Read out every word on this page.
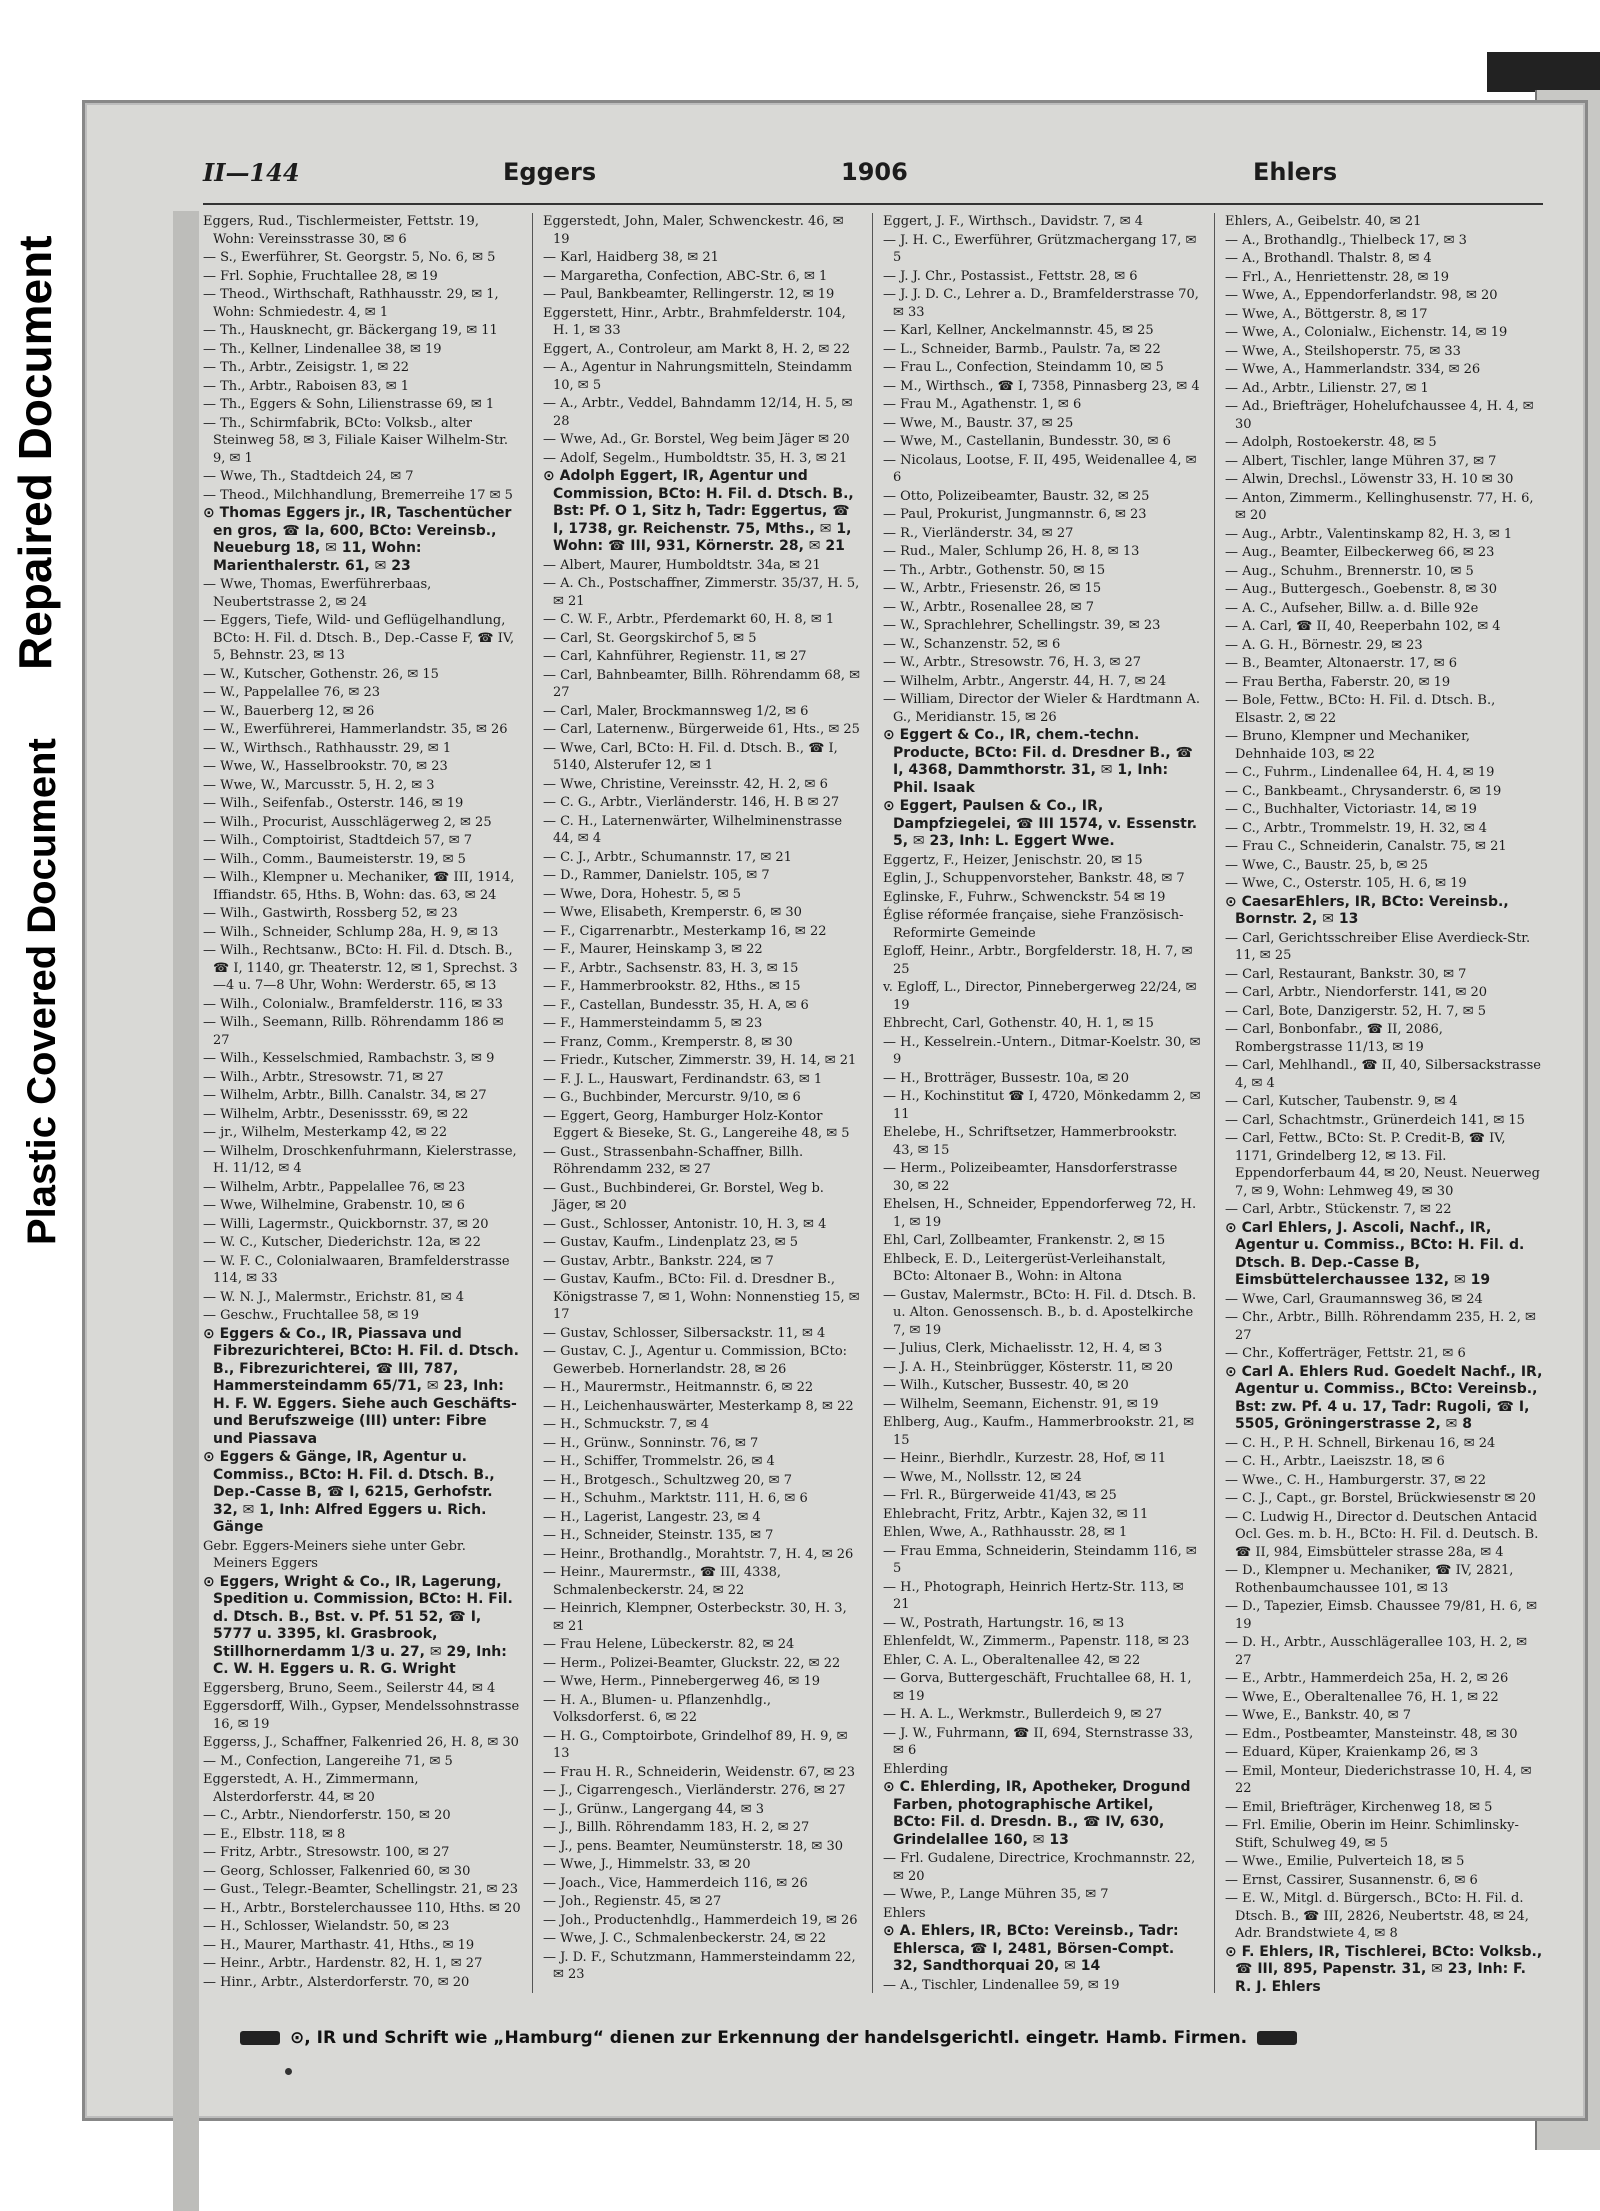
Repaired Document
Plastic Covered Document
II—144	Eggers	1906	Ehlers
Eggers, Rud., Tischlermeister, Fettstr. 19, Wohn: Vereinsstrasse 30, ✉ 6
— S., Ewerführer, St. Georgstr. 5, No. 6, ✉ 5
— Frl. Sophie, Fruchtallee 28, ✉ 19
— Theod., Wirthschaft, Rathhausstr. 29, ✉ 1, Wohn: Schmiedestr. 4, ✉ 1
— Th., Hausknecht, gr. Bäckergang 19, ✉ 11
— Th., Kellner, Lindenallee 38, ✉ 19
— Th., Arbtr., Zeisigstr. 1, ✉ 22
— Th., Arbtr., Raboisen 83, ✉ 1
— Th., Eggers & Sohn, Lilienstrasse 69, ✉ 1
— Th., Schirmfabrik, BCto: Volksb., alter Steinweg 58, ✉ 3, Filiale Kaiser Wilhelm-Str. 9, ✉ 1
— Wwe, Th., Stadtdeich 24, ✉ 7
— Theod., Milchhandlung, Bremerreihe 17 ✉ 5
⊙ Thomas Eggers jr., IR, Taschentücher en gros, ☎ Ia, 600, BCto: Vereinsb., Neueburg 18, ✉ 11, Wohn: Marienthalerstr. 61, ✉ 23
— Wwe, Thomas, Ewerführerbaas, Neubertstrasse 2, ✉ 24
— Eggers, Tiefe, Wild- und Geflügelhandlung, BCto: H. Fil. d. Dtsch. B., Dep.-Casse F, ☎ IV, 5, Behnstr. 23, ✉ 13
— W., Kutscher, Gothenstr. 26, ✉ 15
— W., Pappelallee 76, ✉ 23
— W., Bauerberg 12, ✉ 26
— W., Ewerführerei, Hammerlandstr. 35, ✉ 26
— W., Wirthsch., Rathhausstr. 29, ✉ 1
— Wwe, W., Hasselbrookstr. 70, ✉ 23
— Wwe, W., Marcusstr. 5, H. 2, ✉ 3
— Wilh., Seifenfab., Osterstr. 146, ✉ 19
— Wilh., Procurist, Ausschlägerweg 2, ✉ 25
— Wilh., Comptoirist, Stadtdeich 57, ✉ 7
— Wilh., Comm., Baumeisterstr. 19, ✉ 5
— Wilh., Klempner u. Mechaniker, ☎ III, 1914, Iffiandstr. 65, Hths. B, Wohn: das. 63, ✉ 24
— Wilh., Gastwirth, Rossberg 52, ✉ 23
— Wilh., Schneider, Schlump 28a, H. 9, ✉ 13
— Wilh., Rechtsanw., BCto: H. Fil. d. Dtsch. B., ☎ I, 1140, gr. Theaterstr. 12, ✉ 1, Sprechst. 3—4 u. 7—8 Uhr, Wohn: Werderstr. 65, ✉ 13
— Wilh., Colonialw., Bramfelderstr. 116, ✉ 33
— Wilh., Seemann, Rillb. Röhrendamm 186 ✉ 27
— Wilh., Kesselschmied, Rambachstr. 3, ✉ 9
— Wilh., Arbtr., Stresowstr. 71, ✉ 27
— Wilhelm, Arbtr., Billh. Canalstr. 34, ✉ 27
— Wilhelm, Arbtr., Desenissstr. 69, ✉ 22
— jr., Wilhelm, Mesterkamp 42, ✉ 22
— Wilhelm, Droschkenfuhrmann, Kielerstrasse, H. 11/12, ✉ 4
— Wilhelm, Arbtr., Pappelallee 76, ✉ 23
— Wwe, Wilhelmine, Grabenstr. 10, ✉ 6
— Willi, Lagermstr., Quickbornstr. 37, ✉ 20
— W. C., Kutscher, Diederichstr. 12a, ✉ 22
— W. F. C., Colonialwaaren, Bramfelderstrasse 114, ✉ 33
— W. N. J., Malermstr., Erichstr. 81, ✉ 4
— Geschw., Fruchtallee 58, ✉ 19
⊙ Eggers & Co., IR, Piassava und Fibrezurichterei, BCto: H. Fil. d. Dtsch. B., Fibrezurichterei, ☎ III, 787, Hammersteindamm 65/71, ✉ 23, Inh: H. F. W. Eggers. Siehe auch Geschäfts- und Berufszweige (III) unter: Fibre und Piassava
⊙ Eggers & Gänge, IR, Agentur u. Commiss., BCto: H. Fil. d. Dtsch. B., Dep.-Casse B, ☎ I, 6215, Gerhofstr. 32, ✉ 1, Inh: Alfred Eggers u. Rich. Gänge
Gebr. Eggers-Meiners siehe unter Gebr. Meiners Eggers
⊙ Eggers, Wright & Co., IR, Lagerung, Spedition u. Commission, BCto: H. Fil. d. Dtsch. B., Bst. v. Pf. 51 52, ☎ I, 5777 u. 3395, kl. Grasbrook, Stillhornerdamm 1/3 u. 27, ✉ 29, Inh: C. W. H. Eggers u. R. G. Wright
Eggersberg, Bruno, Seem., Seilerstr 44, ✉ 4
Eggersdorff, Wilh., Gypser, Mendelssohnstrasse 16, ✉ 19
Eggerss, J., Schaffner, Falkenried 26, H. 8, ✉ 30
— M., Confection, Langereihe 71, ✉ 5
Eggerstedt, A. H., Zimmermann, Alsterdorferstr. 44, ✉ 20
— C., Arbtr., Niendorferstr. 150, ✉ 20
— E., Elbstr. 118, ✉ 8
— Fritz, Arbtr., Stresowstr. 100, ✉ 27
— Georg, Schlosser, Falkenried 60, ✉ 30
— Gust., Telegr.-Beamter, Schellingstr. 21, ✉ 23
— H., Arbtr., Borstelerchaussee 110, Hths. ✉ 20
— H., Schlosser, Wielandstr. 50, ✉ 23
— H., Maurer, Marthastr. 41, Hths., ✉ 19
— Heinr., Arbtr., Hardenstr. 82, H. 1, ✉ 27
— Hinr., Arbtr., Alsterdorferstr. 70, ✉ 20
Eggerstedt, John, Maler, Schwenckestr. 46, ✉ 19
— Karl, Haidberg 38, ✉ 21
— Margaretha, Confection, ABC-Str. 6, ✉ 1
— Paul, Bankbeamter, Rellingerstr. 12, ✉ 19
Eggerstett, Hinr., Arbtr., Brahmfelderstr. 104, H. 1, ✉ 33
Eggert, A., Controleur, am Markt 8, H. 2, ✉ 22
— A., Agentur in Nahrungsmitteln, Steindamm 10, ✉ 5
— A., Arbtr., Veddel, Bahndamm 12/14, H. 5, ✉ 28
— Wwe, Ad., Gr. Borstel, Weg beim Jäger ✉ 20
— Adolf, Segelm., Humboldtstr. 35, H. 3, ✉ 21
⊙ Adolph Eggert, IR, Agentur und Commission, BCto: H. Fil. d. Dtsch. B., Bst: Pf. O 1, Sitz h, Tadr: Eggertus, ☎ I, 1738, gr. Reichenstr. 75, Mths., ✉ 1, Wohn: ☎ III, 931, Körnerstr. 28, ✉ 21
— Albert, Maurer, Humboldtstr. 34a, ✉ 21
— A. Ch., Postschaffner, Zimmerstr. 35/37, H. 5, ✉ 21
— C. W. F., Arbtr., Pferdemarkt 60, H. 8, ✉ 1
— Carl, St. Georgskirchof 5, ✉ 5
— Carl, Kahnführer, Regienstr. 11, ✉ 27
— Carl, Bahnbeamter, Billh. Röhrendamm 68, ✉ 27
— Carl, Maler, Brockmannsweg 1/2, ✉ 6
— Carl, Laternenw., Bürgerweide 61, Hts., ✉ 25
— Wwe, Carl, BCto: H. Fil. d. Dtsch. B., ☎ I, 5140, Alsterufer 12, ✉ 1
— Wwe, Christine, Vereinsstr. 42, H. 2, ✉ 6
— C. G., Arbtr., Vierländerstr. 146, H. B ✉ 27
— C. H., Laternenwärter, Wilhelminenstrasse 44, ✉ 4
— C. J., Arbtr., Schumannstr. 17, ✉ 21
— D., Rammer, Danielstr. 105, ✉ 7
— Wwe, Dora, Hohestr. 5, ✉ 5
— Wwe, Elisabeth, Kremperstr. 6, ✉ 30
— F., Cigarrenarbtr., Mesterkamp 16, ✉ 22
— F., Maurer, Heinskamp 3, ✉ 22
— F., Arbtr., Sachsenstr. 83, H. 3, ✉ 15
— F., Hammerbrookstr. 82, Hths., ✉ 15
— F., Castellan, Bundesstr. 35, H. A, ✉ 6
— F., Hammersteindamm 5, ✉ 23
— Franz, Comm., Kremperstr. 8, ✉ 30
— Friedr., Kutscher, Zimmerstr. 39, H. 14, ✉ 21
— F. J. L., Hauswart, Ferdinandstr. 63, ✉ 1
— G., Buchbinder, Mercurstr. 9/10, ✉ 6
— Eggert, Georg, Hamburger Holz-Kontor Eggert & Bieseke, St. G., Langereihe 48, ✉ 5
— Gust., Strassenbahn-Schaffner, Billh. Röhrendamm 232, ✉ 27
— Gust., Buchbinderei, Gr. Borstel, Weg b. Jäger, ✉ 20
— Gust., Schlosser, Antonistr. 10, H. 3, ✉ 4
— Gustav, Kaufm., Lindenplatz 23, ✉ 5
— Gustav, Arbtr., Bankstr. 224, ✉ 7
— Gustav, Kaufm., BCto: Fil. d. Dresdner B., Königstrasse 7, ✉ 1, Wohn: Nonnenstieg 15, ✉ 17
— Gustav, Schlosser, Silbersackstr. 11, ✉ 4
— Gustav, C. J., Agentur u. Commission, BCto: Gewerbeb. Hornerlandstr. 28, ✉ 26
— H., Maurermstr., Heitmannstr. 6, ✉ 22
— H., Leichenhauswärter, Mesterkamp 8, ✉ 22
— H., Schmuckstr. 7, ✉ 4
— H., Grünw., Sonninstr. 76, ✉ 7
— H., Schiffer, Trommelstr. 26, ✉ 4
— H., Brotgesch., Schultzweg 20, ✉ 7
— H., Schuhm., Marktstr. 111, H. 6, ✉ 6
— H., Lagerist, Langestr. 23, ✉ 4
— H., Schneider, Steinstr. 135, ✉ 7
— Heinr., Brothandlg., Morahtstr. 7, H. 4, ✉ 26
— Heinr., Maurermstr., ☎ III, 4338, Schmalenbeckerstr. 24, ✉ 22
— Heinrich, Klempner, Osterbeckstr. 30, H. 3, ✉ 21
— Frau Helene, Lübeckerstr. 82, ✉ 24
— Herm., Polizei-Beamter, Gluckstr. 22, ✉ 22
— Wwe, Herm., Pinnebergerweg 46, ✉ 19
— H. A., Blumen- u. Pflanzenhdlg., Volksdorferst. 6, ✉ 22
— H. G., Comptoirbote, Grindelhof 89, H. 9, ✉ 13
— Frau H. R., Schneiderin, Weidenstr. 67, ✉ 23
— J., Cigarrengesch., Vierländerstr. 276, ✉ 27
— J., Grünw., Langergang 44, ✉ 3
— J., Billh. Röhrendamm 183, H. 2, ✉ 27
— J., pens. Beamter, Neumünsterstr. 18, ✉ 30
— Wwe, J., Himmelstr. 33, ✉ 20
— Joach., Vice, Hammerdeich 116, ✉ 26
— Joh., Regienstr. 45, ✉ 27
— Joh., Productenhdlg., Hammerdeich 19, ✉ 26
— Wwe, J. C., Schmalenbeckerstr. 24, ✉ 22
— J. D. F., Schutzmann, Hammersteindamm 22, ✉ 23
Eggert, J. F., Wirthsch., Davidstr. 7, ✉ 4
— J. H. C., Ewerführer, Grützmachergang 17, ✉ 5
— J. J. Chr., Postassist., Fettstr. 28, ✉ 6
— J. J. D. C., Lehrer a. D., Bramfelderstrasse 70, ✉ 33
— Karl, Kellner, Anckelmannstr. 45, ✉ 25
— L., Schneider, Barmb., Paulstr. 7a, ✉ 22
— Frau L., Confection, Steindamm 10, ✉ 5
— M., Wirthsch., ☎ I, 7358, Pinnasberg 23, ✉ 4
— Frau M., Agathenstr. 1, ✉ 6
— Wwe, M., Baustr. 37, ✉ 25
— Wwe, M., Castellanin, Bundesstr. 30, ✉ 6
— Nicolaus, Lootse, F. II, 495, Weidenallee 4, ✉ 6
— Otto, Polizeibeamter, Baustr. 32, ✉ 25
— Paul, Prokurist, Jungmannstr. 6, ✉ 23
— R., Vierländerstr. 34, ✉ 27
— Rud., Maler, Schlump 26, H. 8, ✉ 13
— Th., Arbtr., Gothenstr. 50, ✉ 15
— W., Arbtr., Friesenstr. 26, ✉ 15
— W., Arbtr., Rosenallee 28, ✉ 7
— W., Sprachlehrer, Schellingstr. 39, ✉ 23
— W., Schanzenstr. 52, ✉ 6
— W., Arbtr., Stresowstr. 76, H. 3, ✉ 27
— Wilhelm, Arbtr., Angerstr. 44, H. 7, ✉ 24
— William, Director der Wieler & Hardtmann A. G., Meridianstr. 15, ✉ 26
⊙ Eggert & Co., IR, chem.-techn. Producte, BCto: Fil. d. Dresdner B., ☎ I, 4368, Dammthorstr. 31, ✉ 1, Inh: Phil. Isaak
⊙ Eggert, Paulsen & Co., IR, Dampfziegelei, ☎ III 1574, v. Essenstr. 5, ✉ 23, Inh: L. Eggert Wwe.
Eggertz, F., Heizer, Jenischstr. 20, ✉ 15
Eglin, J., Schuppenvorsteher, Bankstr. 48, ✉ 7
Eglinske, F., Fuhrw., Schwenckstr. 54 ✉ 19
Église réformée française, siehe Französisch-Reformirte Gemeinde
Egloff, Heinr., Arbtr., Borgfelderstr. 18, H. 7, ✉ 25
v. Egloff, L., Director, Pinnebergerweg 22/24, ✉ 19
Ehbrecht, Carl, Gothenstr. 40, H. 1, ✉ 15
— H., Kesselrein.-Untern., Ditmar-Koelstr. 30, ✉ 9
— H., Brotträger, Bussestr. 10a, ✉ 20
— H., Kochinstitut ☎ I, 4720, Mönkedamm 2, ✉ 11
Ehelebe, H., Schriftsetzer, Hammerbrookstr. 43, ✉ 15
— Herm., Polizeibeamter, Hansdorferstrasse 30, ✉ 22
Ehelsen, H., Schneider, Eppendorferweg 72, H. 1, ✉ 19
Ehl, Carl, Zollbeamter, Frankenstr. 2, ✉ 15
Ehlbeck, E. D., Leitergerüst-Verleihanstalt, BCto: Altonaer B., Wohn: in Altona
— Gustav, Malermstr., BCto: H. Fil. d. Dtsch. B. u. Alton. Genossensch. B., b. d. Apostelkirche 7, ✉ 19
— Julius, Clerk, Michaelisstr. 12, H. 4, ✉ 3
— J. A. H., Steinbrügger, Kösterstr. 11, ✉ 20
— Wilh., Kutscher, Bussestr. 40, ✉ 20
— Wilhelm, Seemann, Eichenstr. 91, ✉ 19
Ehlberg, Aug., Kaufm., Hammerbrookstr. 21, ✉ 15
— Heinr., Bierhdlr., Kurzestr. 28, Hof, ✉ 11
— Wwe, M., Nollsstr. 12, ✉ 24
— Frl. R., Bürgerweide 41/43, ✉ 25
Ehlebracht, Fritz, Arbtr., Kajen 32, ✉ 11
Ehlen, Wwe, A., Rathhausstr. 28, ✉ 1
— Frau Emma, Schneiderin, Steindamm 116, ✉ 5
— H., Photograph, Heinrich Hertz-Str. 113, ✉ 21
— W., Postrath, Hartungstr. 16, ✉ 13
Ehlenfeldt, W., Zimmerm., Papenstr. 118, ✉ 23
Ehler, C. A. L., Oberaltenallee 42, ✉ 22
— Gorva, Buttergeschäft, Fruchtallee 68, H. 1, ✉ 19
— H. A. L., Werkmstr., Bullerdeich 9, ✉ 27
— J. W., Fuhrmann, ☎ II, 694, Sternstrasse 33, ✉ 6
Ehlerding
⊙ C. Ehlerding, IR, Apotheker, Drogund Farben, photographische Artikel, BCto: Fil. d. Dresdn. B., ☎ IV, 630, Grindelallee 160, ✉ 13
— Frl. Gudalene, Directrice, Krochmannstr. 22, ✉ 20
— Wwe, P., Lange Mühren 35, ✉ 7
Ehlers
⊙ A. Ehlers, IR, BCto: Vereinsb., Tadr: Ehlersca, ☎ I, 2481, Börsen-Compt. 32, Sandthorquai 20, ✉ 14
— A., Tischler, Lindenallee 59, ✉ 19
Ehlers, A., Geibelstr. 40, ✉ 21
— A., Brothandlg., Thielbeck 17, ✉ 3
— A., Brothandl. Thalstr. 8, ✉ 4
— Frl., A., Henriettenstr. 28, ✉ 19
— Wwe, A., Eppendorferlandstr. 98, ✉ 20
— Wwe, A., Böttgerstr. 8, ✉ 17
— Wwe, A., Colonialw., Eichenstr. 14, ✉ 19
— Wwe, A., Steilshoperstr. 75, ✉ 33
— Wwe, A., Hammerlandstr. 334, ✉ 26
— Ad., Arbtr., Lilienstr. 27, ✉ 1
— Ad., Briefträger, Hohelufchaussee 4, H. 4, ✉ 30
— Adolph, Rostoekerstr. 48, ✉ 5
— Albert, Tischler, lange Mühren 37, ✉ 7
— Alwin, Drechsl., Löwenstr 33, H. 10 ✉ 30
— Anton, Zimmerm., Kellinghusenstr. 77, H. 6, ✉ 20
— Aug., Arbtr., Valentinskamp 82, H. 3, ✉ 1
— Aug., Beamter, Eilbeckerweg 66, ✉ 23
— Aug., Schuhm., Brennerstr. 10, ✉ 5
— Aug., Buttergesch., Goebenstr. 8, ✉ 30
— A. C., Aufseher, Billw. a. d. Bille 92e
— A. Carl, ☎ II, 40, Reeperbahn 102, ✉ 4
— A. G. H., Börnestr. 29, ✉ 23
— B., Beamter, Altonaerstr. 17, ✉ 6
— Frau Bertha, Faberstr. 20, ✉ 19
— Bole, Fettw., BCto: H. Fil. d. Dtsch. B., Elsastr. 2, ✉ 22
— Bruno, Klempner und Mechaniker, Dehnhaide 103, ✉ 22
— C., Fuhrm., Lindenallee 64, H. 4, ✉ 19
— C., Bankbeamt., Chrysanderstr. 6, ✉ 19
— C., Buchhalter, Victoriastr. 14, ✉ 19
— C., Arbtr., Trommelstr. 19, H. 32, ✉ 4
— Frau C., Schneiderin, Canalstr. 75, ✉ 21
— Wwe, C., Baustr. 25, b, ✉ 25
— Wwe, C., Osterstr. 105, H. 6, ✉ 19
⊙ CaesarEhlers, IR, BCto: Vereinsb., Bornstr. 2, ✉ 13
— Carl, Gerichtsschreiber Elise Averdieck-Str. 11, ✉ 25
— Carl, Restaurant, Bankstr. 30, ✉ 7
— Carl, Arbtr., Niendorferstr. 141, ✉ 20
— Carl, Bote, Danzigerstr. 52, H. 7, ✉ 5
— Carl, Bonbonfabr., ☎ II, 2086, Rombergstrasse 11/13, ✉ 19
— Carl, Mehlhandl., ☎ II, 40, Silbersackstrasse 4, ✉ 4
— Carl, Kutscher, Taubenstr. 9, ✉ 4
— Carl, Schachtmstr., Grünerdeich 141, ✉ 15
— Carl, Fettw., BCto: St. P. Credit-B, ☎ IV, 1171, Grindelberg 12, ✉ 13. Fil. Eppendorferbaum 44, ✉ 20, Neust. Neuerweg 7, ✉ 9, Wohn: Lehmweg 49, ✉ 30
— Carl, Arbtr., Stückenstr. 7, ✉ 22
⊙ Carl Ehlers, J. Ascoli, Nachf., IR, Agentur u. Commiss., BCto: H. Fil. d. Dtsch. B. Dep.-Casse B, Eimsbüttelerchaussee 132, ✉ 19
— Wwe, Carl, Graumannsweg 36, ✉ 24
— Chr., Arbtr., Billh. Röhrendamm 235, H. 2, ✉ 27
— Chr., Kofferträger, Fettstr. 21, ✉ 6
⊙ Carl A. Ehlers Rud. Goedelt Nachf., IR, Agentur u. Commiss., BCto: Vereinsb., Bst: zw. Pf. 4 u. 17, Tadr: Rugoli, ☎ I, 5505, Gröningerstrasse 2, ✉ 8
— C. H., P. H. Schnell, Birkenau 16, ✉ 24
— C. H., Arbtr., Laeiszstr. 18, ✉ 6
— Wwe., C. H., Hamburgerstr. 37, ✉ 22
— C. J., Capt., gr. Borstel, Brückwiesenstr ✉ 20
— C. Ludwig H., Director d. Deutschen Antacid Ocl. Ges. m. b. H., BCto: H. Fil. d. Deutsch. B. ☎ II, 984, Eimsbütteler strasse 28a, ✉ 4
— D., Klempner u. Mechaniker, ☎ IV, 2821, Rothenbaumchaussee 101, ✉ 13
— D., Tapezier, Eimsb. Chaussee 79/81, H. 6, ✉ 19
— D. H., Arbtr., Ausschlägerallee 103, H. 2, ✉ 27
— E., Arbtr., Hammerdeich 25a, H. 2, ✉ 26
— Wwe, E., Oberaltenallee 76, H. 1, ✉ 22
— Wwe, E., Bankstr. 40, ✉ 7
— Edm., Postbeamter, Mansteinstr. 48, ✉ 30
— Eduard, Küper, Kraienkamp 26, ✉ 3
— Emil, Monteur, Diederichstrasse 10, H. 4, ✉ 22
— Emil, Briefträger, Kirchenweg 18, ✉ 5
— Frl. Emilie, Oberin im Heinr. Schimlinsky-Stift, Schulweg 49, ✉ 5
— Wwe., Emilie, Pulverteich 18, ✉ 5
— Ernst, Cassirer, Susannenstr. 6, ✉ 6
— E. W., Mitgl. d. Bürgersch., BCto: H. Fil. d. Dtsch. B., ☎ III, 2826, Neubertstr. 48, ✉ 24, Adr. Brandstwiete 4, ✉ 8
⊙ F. Ehlers, IR, Tischlerei, BCto: Volksb., ☎ III, 895, Papenstr. 31, ✉ 23, Inh: F. R. J. Ehlers
⊙, IR und Schrift wie „Hamburg“ dienen zur Erkennung der handelsgerichtl. eingetr. Hamb. Firmen.
